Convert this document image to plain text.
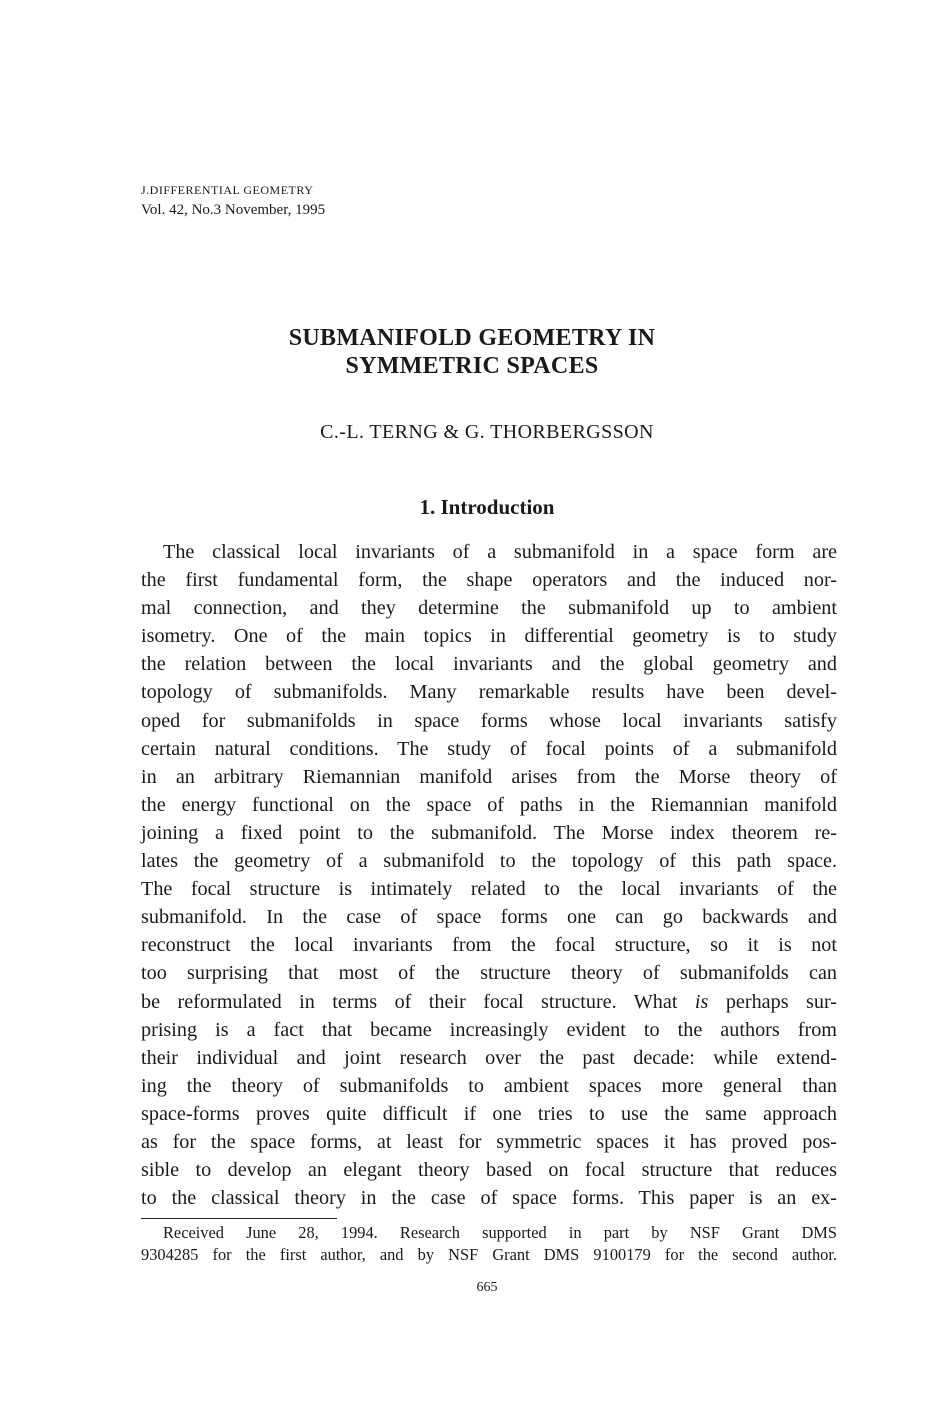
J.DIFFERENTIAL GEOMETRY
Vol. 42, No.3 November, 1995
SUBMANIFOLD GEOMETRY IN
SYMMETRIC SPACES
C.-L. TERNG & G. THORBERGSSON
1. Introduction
The classical local invariants of a submanifold in a space form are
the first fundamental form, the shape operators and the induced nor-
mal connection, and they determine the submanifold up to ambient
isometry. One of the main topics in differential geometry is to study
the relation between the local invariants and the global geometry and
topology of submanifolds. Many remarkable results have been devel-
oped for submanifolds in space forms whose local invariants satisfy
certain natural conditions. The study of focal points of a submanifold
in an arbitrary Riemannian manifold arises from the Morse theory of
the energy functional on the space of paths in the Riemannian manifold
joining a fixed point to the submanifold. The Morse index theorem re-
lates the geometry of a submanifold to the topology of this path space.
The focal structure is intimately related to the local invariants of the
submanifold. In the case of space forms one can go backwards and
reconstruct the local invariants from the focal structure, so it is not
too surprising that most of the structure theory of submanifolds can
be reformulated in terms of their focal structure. What is perhaps sur-
prising is a fact that became increasingly evident to the authors from
their individual and joint research over the past decade: while extend-
ing the theory of submanifolds to ambient spaces more general than
space-forms proves quite difficult if one tries to use the same approach
as for the space forms, at least for symmetric spaces it has proved pos-
sible to develop an elegant theory based on focal structure that reduces
to the classical theory in the case of space forms. This paper is an ex-
Received June 28, 1994. Research supported in part by NSF Grant DMS
9304285 for the first author, and by NSF Grant DMS 9100179 for the second author.
665
